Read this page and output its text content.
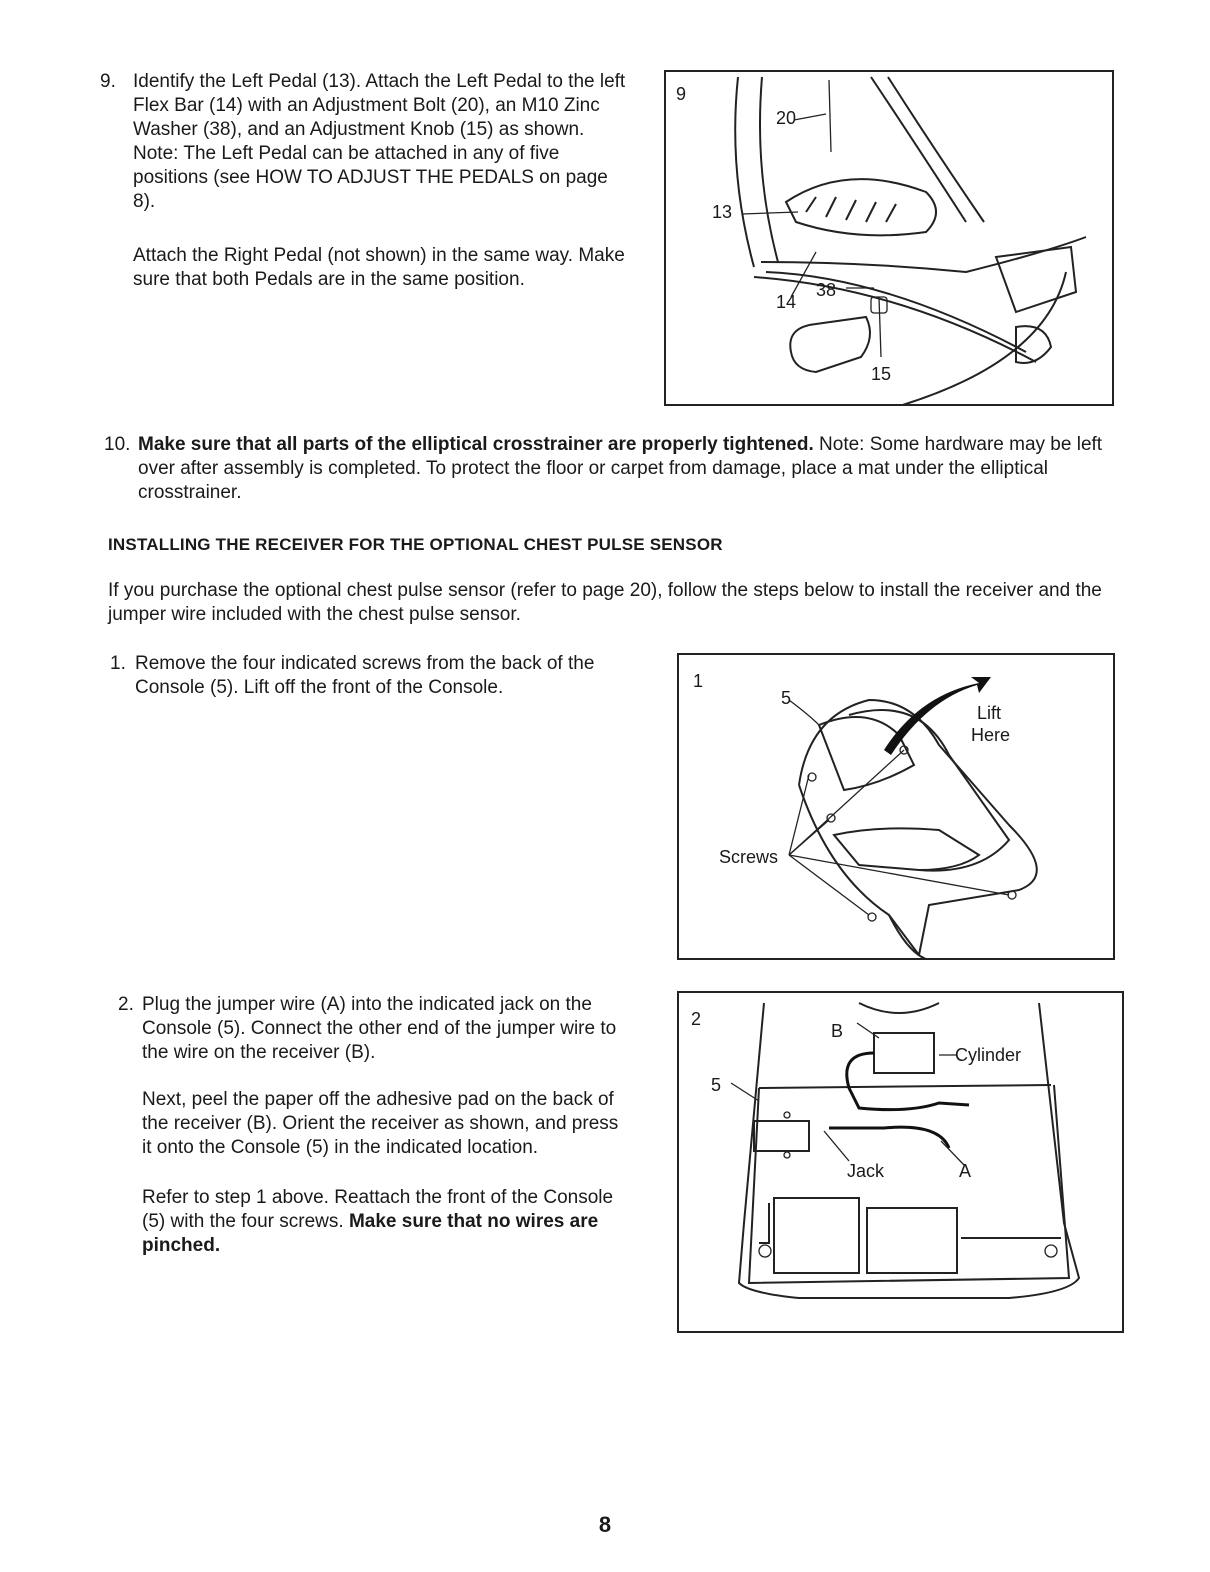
9. Identify the Left Pedal (13). Attach the Left Pedal to the left Flex Bar (14) with an Adjustment Bolt (20), an M10 Zinc Washer (38), and an Adjustment Knob (15) as shown. Note: The Left Pedal can be attached in any of five positions (see HOW TO ADJUST THE PEDALS on page 8).

Attach the Right Pedal (not shown) in the same way. Make sure that both Pedals are in the same position.

9
20
13
14
38
15
10. Make sure that all parts of the elliptical crosstrainer are properly tightened. Note: Some hardware may be left over after assembly is completed. To protect the floor or carpet from damage, place a mat under the elliptical crosstrainer.

INSTALLING THE RECEIVER FOR THE OPTIONAL CHEST PULSE SENSOR

If you purchase the optional chest pulse sensor (refer to page 20), follow the steps below to install the receiver and the jumper wire included with the chest pulse sensor.

1. Remove the four indicated screws from the back of the Console (5). Lift off the front of the Console.	1
5
Lift
Here
Screws
2. Plug the jumper wire (A) into the indicated jack on the Console (5). Connect the other end of the jumper wire to the wire on the receiver (B).

Next, peel the paper off the adhesive pad on the back of the receiver (B). Orient the receiver as shown, and press it onto the Console (5) in the indicated location.

Refer to step 1 above. Reattach the front of the Console (5) with the four screws. Make sure that no wires are pinched.

2
B
Cylinder
5
Jack	A
8
